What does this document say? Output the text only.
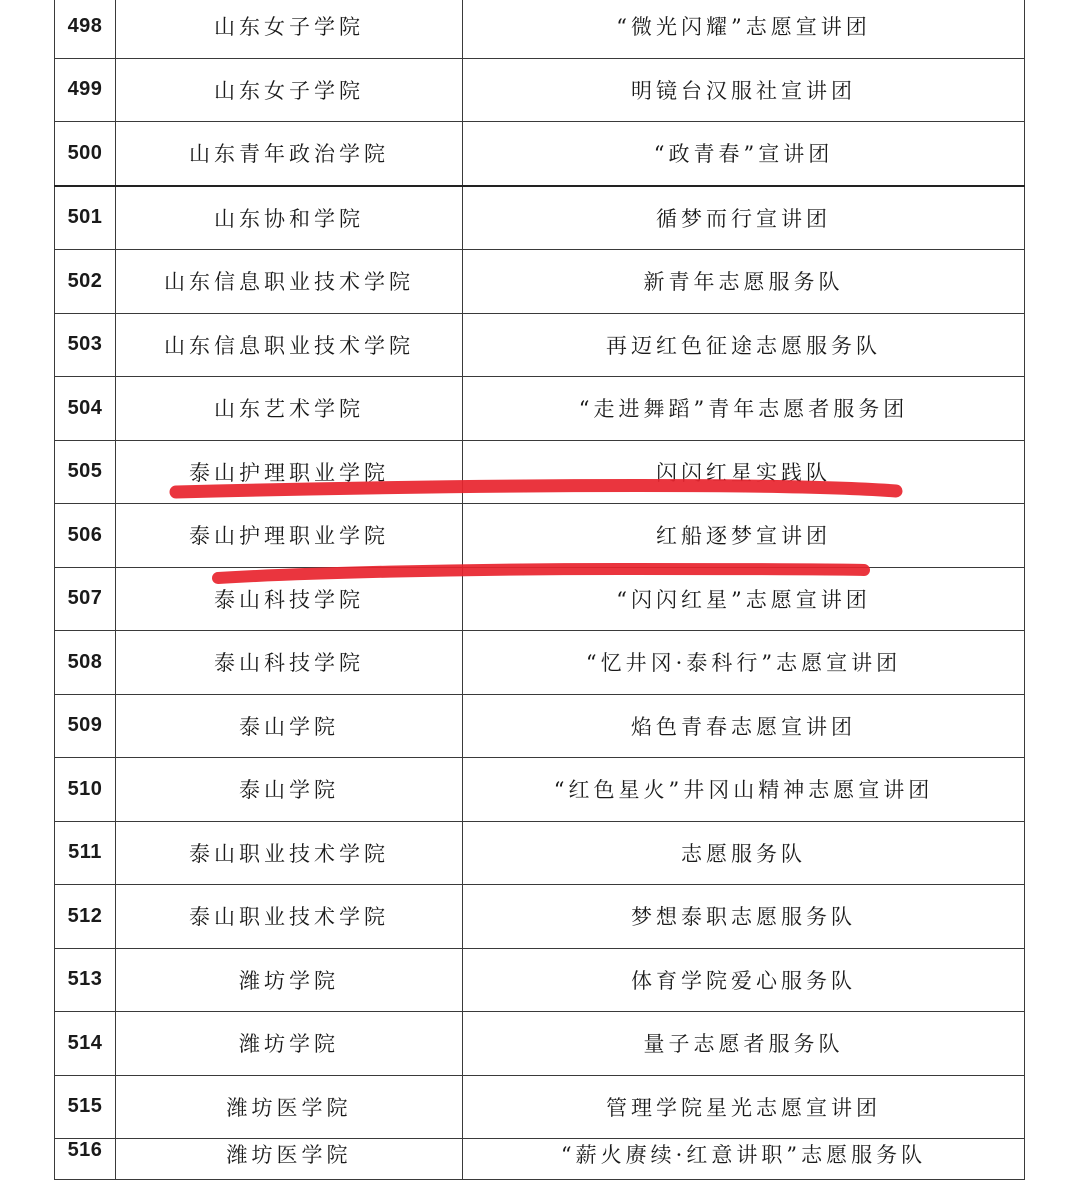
498	山东女子学院	“微光闪耀”志愿宣讲团
499	山东女子学院	明镜台汉服社宣讲团
500	山东青年政治学院	“政青春”宣讲团
501	山东协和学院	循梦而行宣讲团
502	山东信息职业技术学院	新青年志愿服务队
503	山东信息职业技术学院	再迈红色征途志愿服务队
504	山东艺术学院	“走进舞蹈”青年志愿者服务团
505	泰山护理职业学院	闪闪红星实践队
506	泰山护理职业学院	红船逐梦宣讲团
507	泰山科技学院	“闪闪红星”志愿宣讲团
508	泰山科技学院	“忆井冈·泰科行”志愿宣讲团
509	泰山学院	焰色青春志愿宣讲团
510	泰山学院	“红色星火”井冈山精神志愿宣讲团
511	泰山职业技术学院	志愿服务队
512	泰山职业技术学院	梦想泰职志愿服务队
513	潍坊学院	体育学院爱心服务队
514	潍坊学院	量子志愿者服务队
515	潍坊医学院	管理学院星光志愿宣讲团
516	潍坊医学院	“薪火赓续·红意讲职”志愿服务队
